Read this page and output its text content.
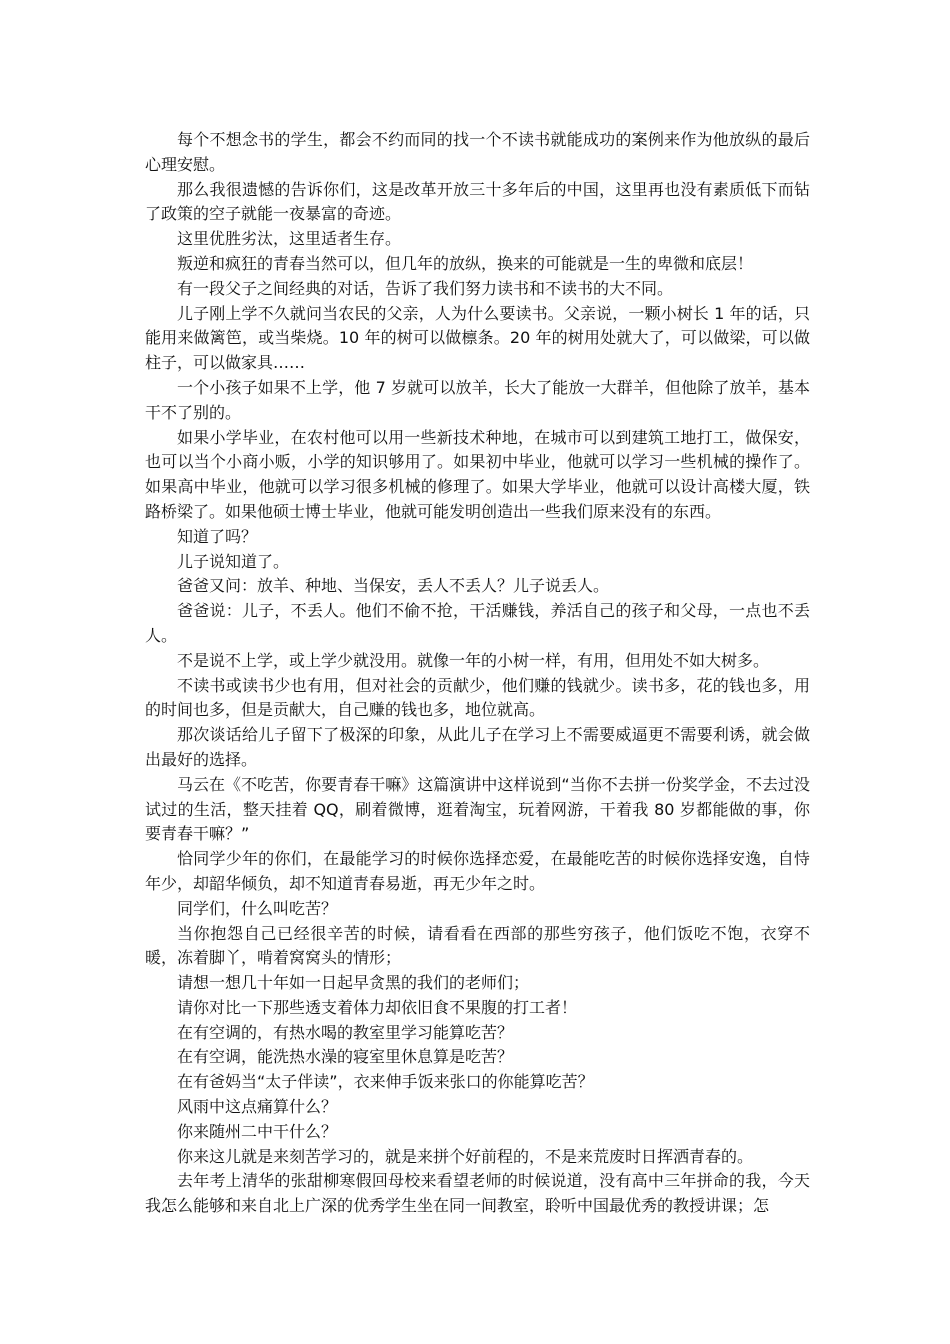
每个不想念书的学生，都会不约而同的找一个不读书就能成功的案例来作为他放纵的最后心理安慰。

那么我很遗憾的告诉你们，这是改革开放三十多年后的中国，这里再也没有素质低下而钻了政策的空子就能一夜暴富的奇迹。

这里优胜劣汰，这里适者生存。

叛逆和疯狂的青春当然可以，但几年的放纵，换来的可能就是一生的卑微和底层！

有一段父子之间经典的对话，告诉了我们努力读书和不读书的大不同。

儿子刚上学不久就问当农民的父亲，人为什么要读书。父亲说，一颗小树长 1 年的话，只能用来做篱笆，或当柴烧。10 年的树可以做檩条。20 年的树用处就大了，可以做梁，可以做柱子，可以做家具……

一个小孩子如果不上学，他 7 岁就可以放羊，长大了能放一大群羊，但他除了放羊，基本干不了别的。

如果小学毕业，在农村他可以用一些新技术种地，在城市可以到建筑工地打工，做保安，也可以当个小商小贩，小学的知识够用了。如果初中毕业，他就可以学习一些机械的操作了。如果高中毕业，他就可以学习很多机械的修理了。如果大学毕业，他就可以设计高楼大厦，铁路桥梁了。如果他硕士博士毕业，他就可能发明创造出一些我们原来没有的东西。

知道了吗？

儿子说知道了。

爸爸又问：放羊、种地、当保安，丢人不丢人？儿子说丢人。

爸爸说：儿子，不丢人。他们不偷不抢，干活赚钱，养活自己的孩子和父母，一点也不丢人。

不是说不上学，或上学少就没用。就像一年的小树一样，有用，但用处不如大树多。

不读书或读书少也有用，但对社会的贡献少，他们赚的钱就少。读书多，花的钱也多，用的时间也多，但是贡献大，自己赚的钱也多，地位就高。

那次谈话给儿子留下了极深的印象，从此儿子在学习上不需要威逼更不需要利诱，就会做出最好的选择。

马云在《不吃苦，你要青春干嘛》这篇演讲中这样说到“当你不去拼一份奖学金，不去过没试过的生活，整天挂着 QQ，刷着微博，逛着淘宝，玩着网游，干着我 80 岁都能做的事，你要青春干嘛？”

恰同学少年的你们，在最能学习的时候你选择恋爱，在最能吃苦的时候你选择安逸，自恃年少，却韶华倾负，却不知道青春易逝，再无少年之时。

同学们，什么叫吃苦？

当你抱怨自己已经很辛苦的时候，请看看在西部的那些穷孩子，他们饭吃不饱，衣穿不暖，冻着脚丫，啃着窝窝头的情形；

请想一想几十年如一日起早贪黑的我们的老师们；

请你对比一下那些透支着体力却依旧食不果腹的打工者！

在有空调的，有热水喝的教室里学习能算吃苦？

在有空调，能洗热水澡的寝室里休息算是吃苦？

在有爸妈当“太子伴读”，衣来伸手饭来张口的你能算吃苦？

风雨中这点痛算什么？

你来随州二中干什么？

你来这儿就是来刻苦学习的，就是来拼个好前程的，不是来荒废时日挥洒青春的。

去年考上清华的张甜柳寒假回母校来看望老师的时候说道，没有高中三年拼命的我，今天我怎么能够和来自北上广深的优秀学生坐在同一间教室，聆听中国最优秀的教授讲课；怎
